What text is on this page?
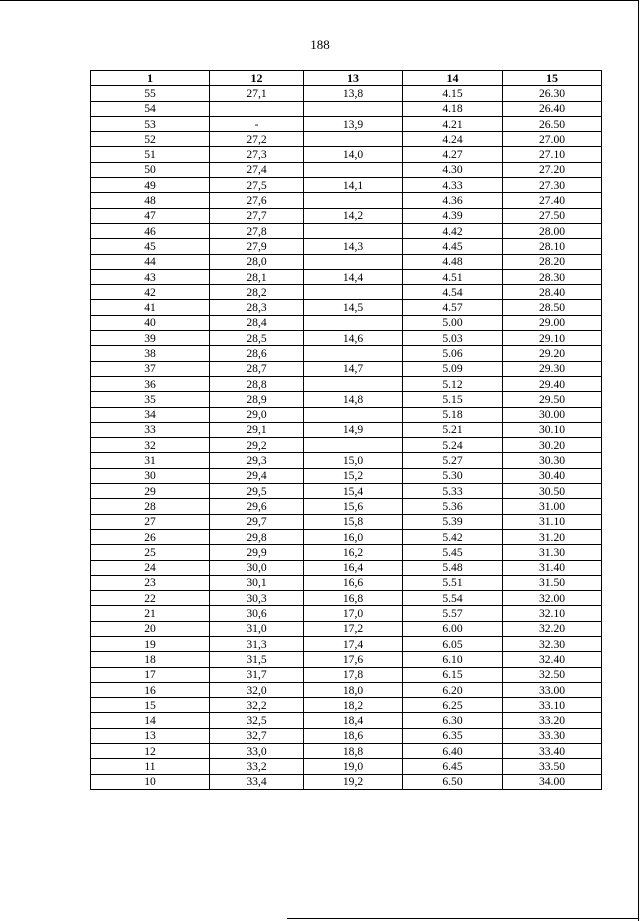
188
1	12	13	14	15
55	27,1	13,8	4.15	26.30
54			4.18	26.40
53	-	13,9	4.21	26.50
52	27,2		4.24	27.00
51	27,3	14,0	4.27	27.10
50	27,4		4.30	27.20
49	27,5	14,1	4.33	27.30
48	27,6		4.36	27.40
47	27,7	14,2	4.39	27.50
46	27,8		4.42	28.00
45	27,9	14,3	4.45	28.10
44	28,0		4.48	28.20
43	28,1	14,4	4.51	28.30
42	28,2		4.54	28.40
41	28,3	14,5	4.57	28.50
40	28,4		5.00	29.00
39	28,5	14,6	5.03	29.10
38	28,6		5.06	29.20
37	28,7	14,7	5.09	29.30
36	28,8		5.12	29.40
35	28,9	14,8	5.15	29.50
34	29,0		5.18	30.00
33	29,1	14,9	5.21	30.10
32	29,2		5.24	30.20
31	29,3	15,0	5.27	30.30
30	29,4	15,2	5.30	30.40
29	29,5	15,4	5.33	30.50
28	29,6	15,6	5.36	31.00
27	29,7	15,8	5.39	31.10
26	29,8	16,0	5.42	31.20
25	29,9	16,2	5.45	31.30
24	30,0	16,4	5.48	31.40
23	30,1	16,6	5.51	31.50
22	30,3	16,8	5.54	32.00
21	30,6	17,0	5.57	32.10
20	31,0	17,2	6.00	32.20
19	31,3	17,4	6.05	32.30
18	31,5	17,6	6.10	32.40
17	31,7	17,8	6.15	32.50
16	32,0	18,0	6.20	33.00
15	32,2	18,2	6.25	33.10
14	32,5	18,4	6.30	33.20
13	32,7	18,6	6.35	33.30
12	33,0	18,8	6.40	33.40
11	33,2	19,0	6.45	33.50
10	33,4	19,2	6.50	34.00
